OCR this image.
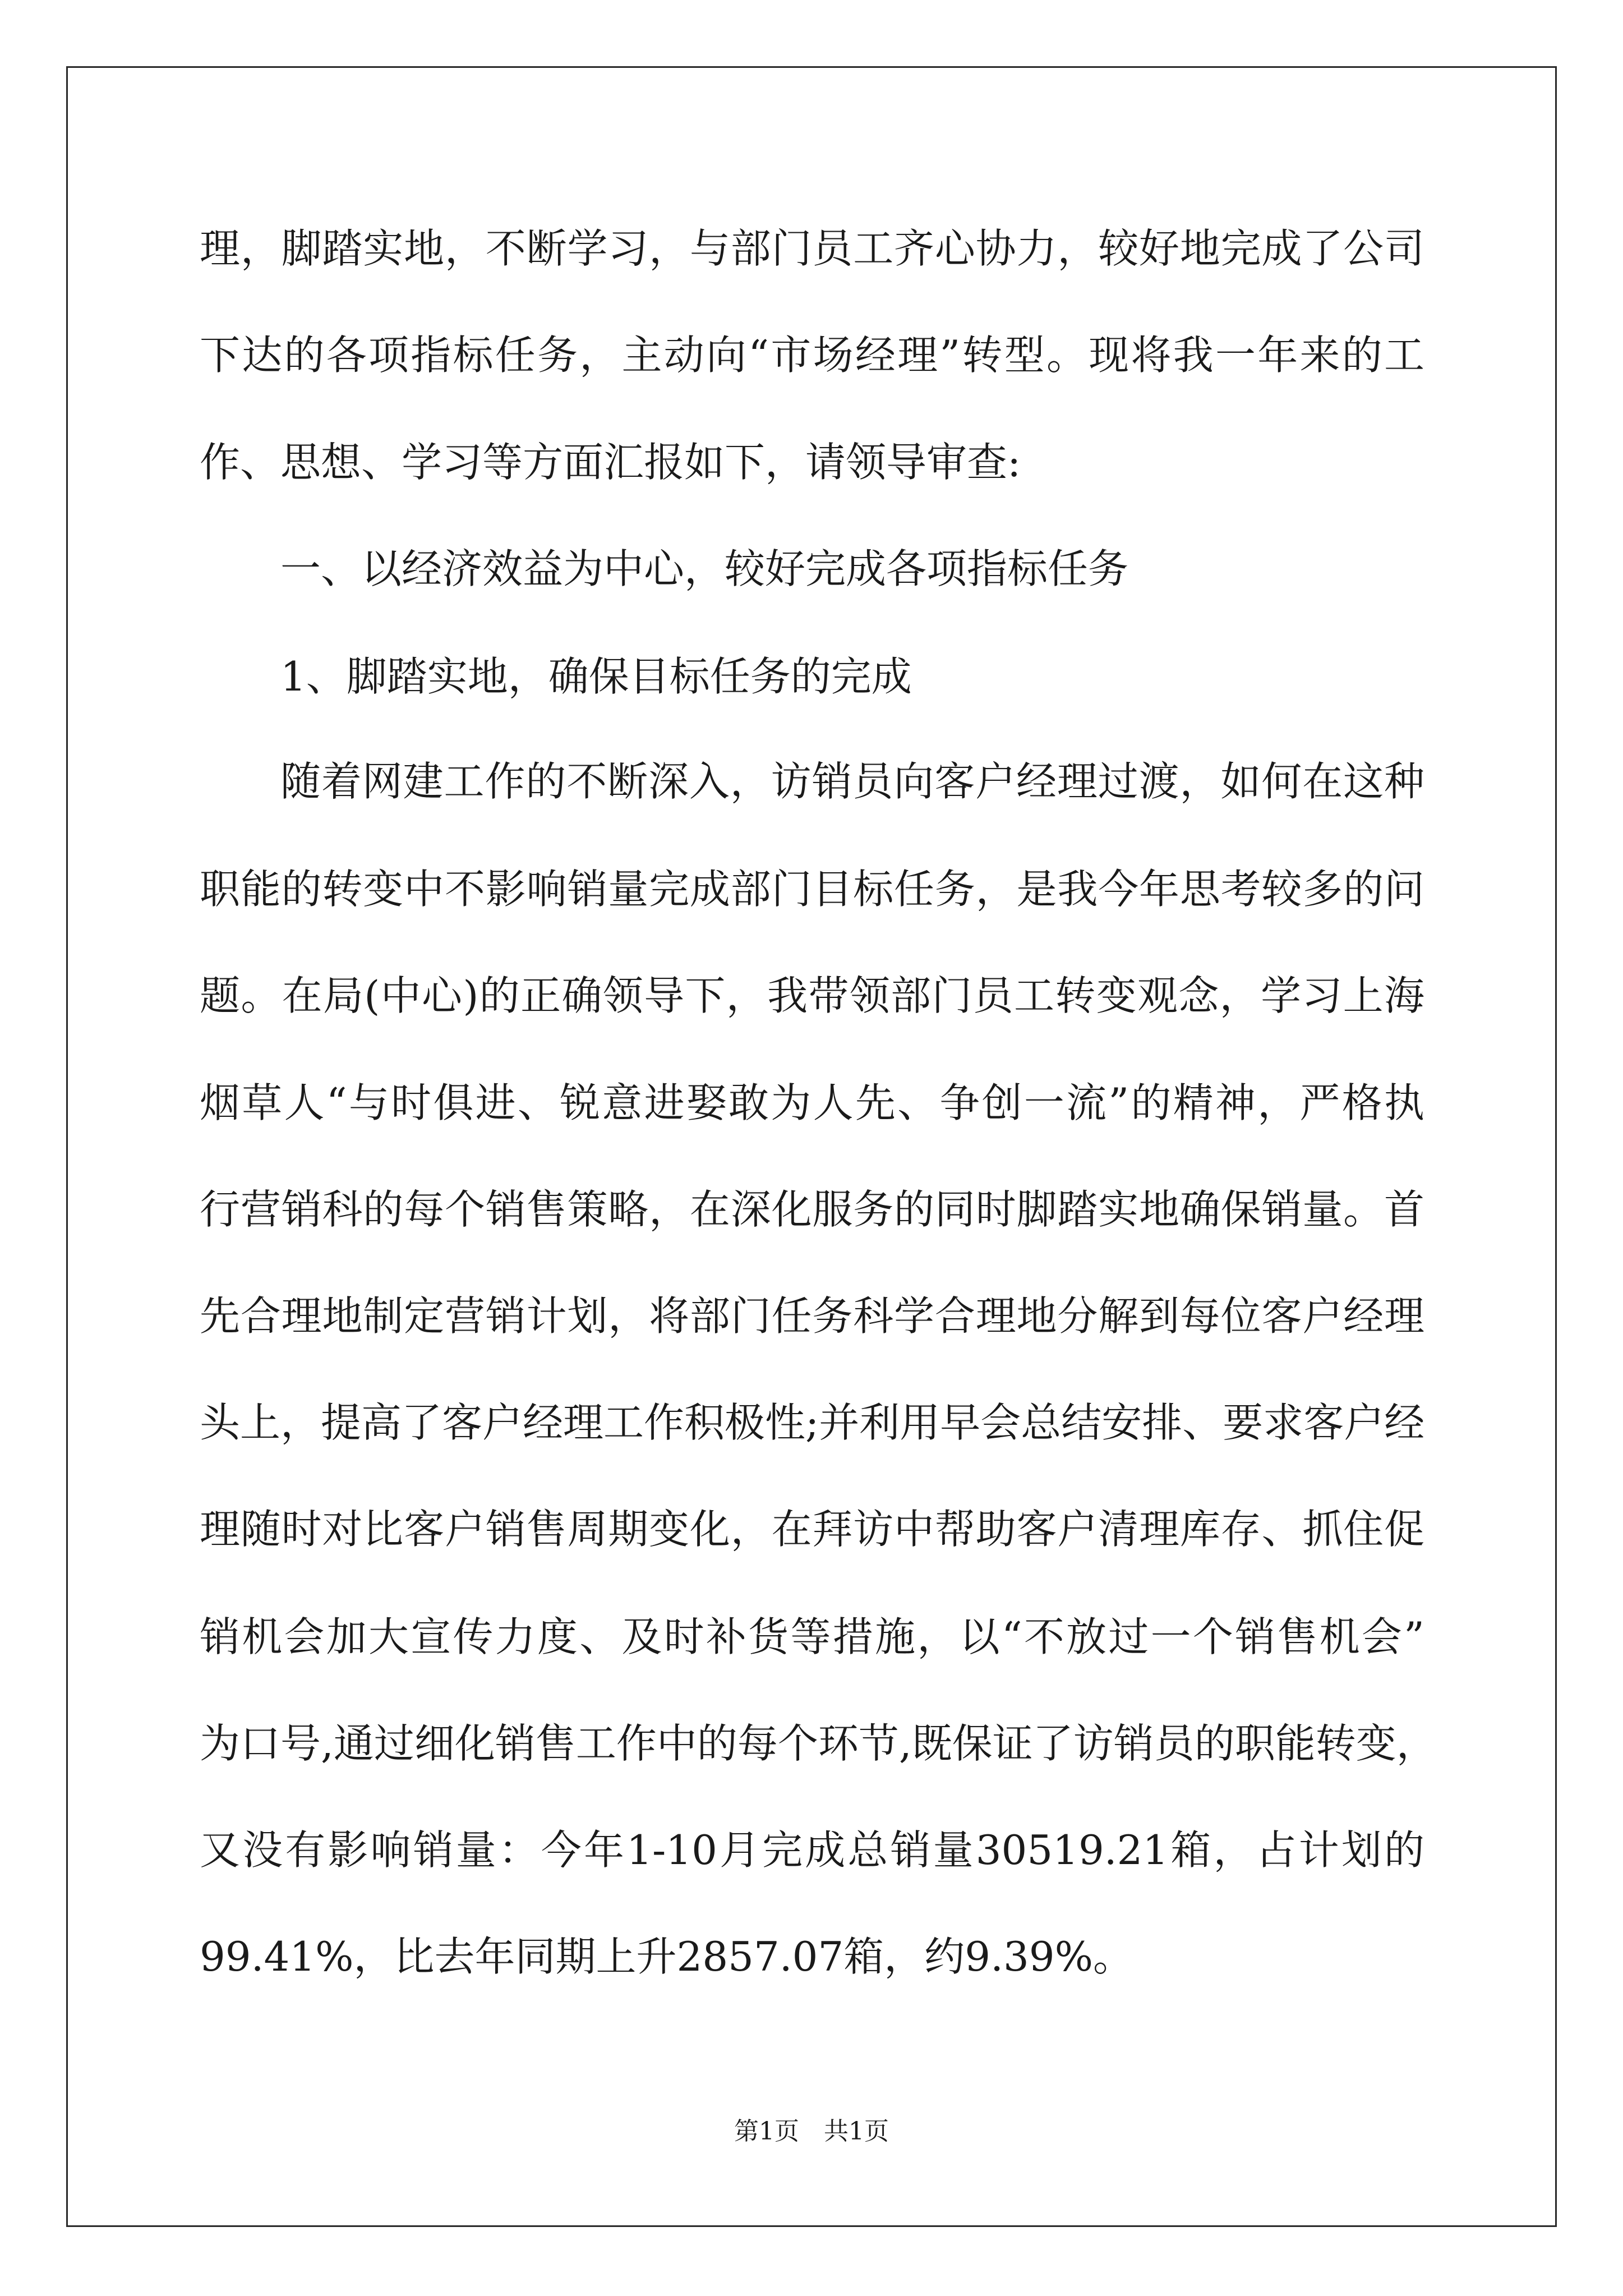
理，脚踏实地，不断学习，与部门员工齐心协力，较好地完成了公司
下达的各项指标任务，主动向“市场经理”转型。现将我一年来的工
作、思想、学习等方面汇报如下，请领导审查:
一、以经济效益为中心，较好完成各项指标任务
1、脚踏实地，确保目标任务的完成
随着网建工作的不断深入，访销员向客户经理过渡，如何在这种
职能的转变中不影响销量完成部门目标任务，是我今年思考较多的问
题。在局(中心)的正确领导下，我带领部门员工转变观念，学习上海
烟草人“与时俱进、锐意进娶敢为人先、争创一流”的精神，严格执
行营销科的每个销售策略，在深化服务的同时脚踏实地确保销量。首
先合理地制定营销计划，将部门任务科学合理地分解到每位客户经理
头上，提高了客户经理工作积极性;并利用早会总结安排、要求客户经
理随时对比客户销售周期变化，在拜访中帮助客户清理库存、抓住促
销机会加大宣传力度、及时补货等措施，以“不放过一个销售机会”
为口号,通过细化销售工作中的每个环节,既保证了访销员的职能转变，
又没有影响销量：今年1-10月完成总销量30519.21箱，占计划的
99.41%，比去年同期上升2857.07箱，约9.39%。
第1页　共1页
